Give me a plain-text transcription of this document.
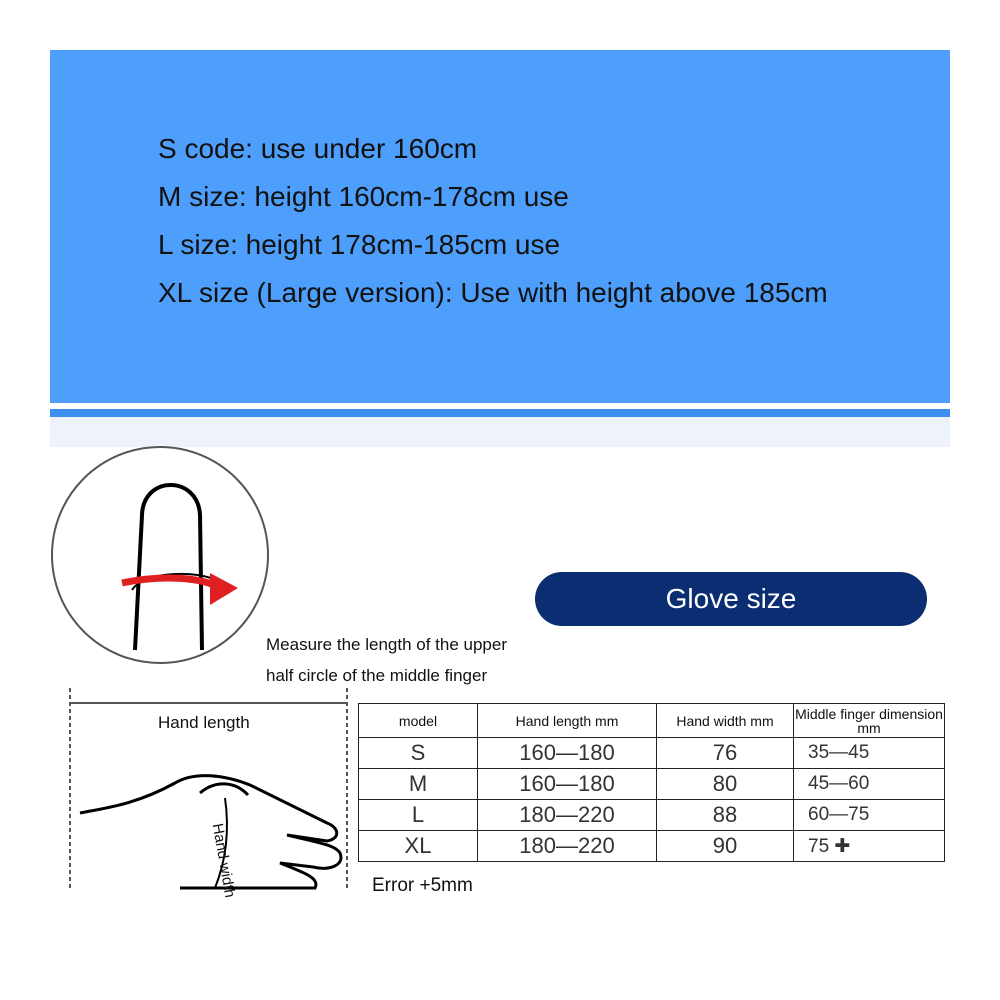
S code: use under 160cm
M size: height 160cm-178cm use
L size: height 178cm-185cm use
XL size (Large version): Use with height above 185cm
Glove size
Measure the length of the upper
half circle of the middle finger
Hand length
Hand width
model	Hand length mm	Hand width mm	Middle finger dimension mm
S	160—180	76	35—45
M	160—180	80	45—60
L	180—220	88	60—75
XL	180—220	90	75 ✚
Error +5mm
